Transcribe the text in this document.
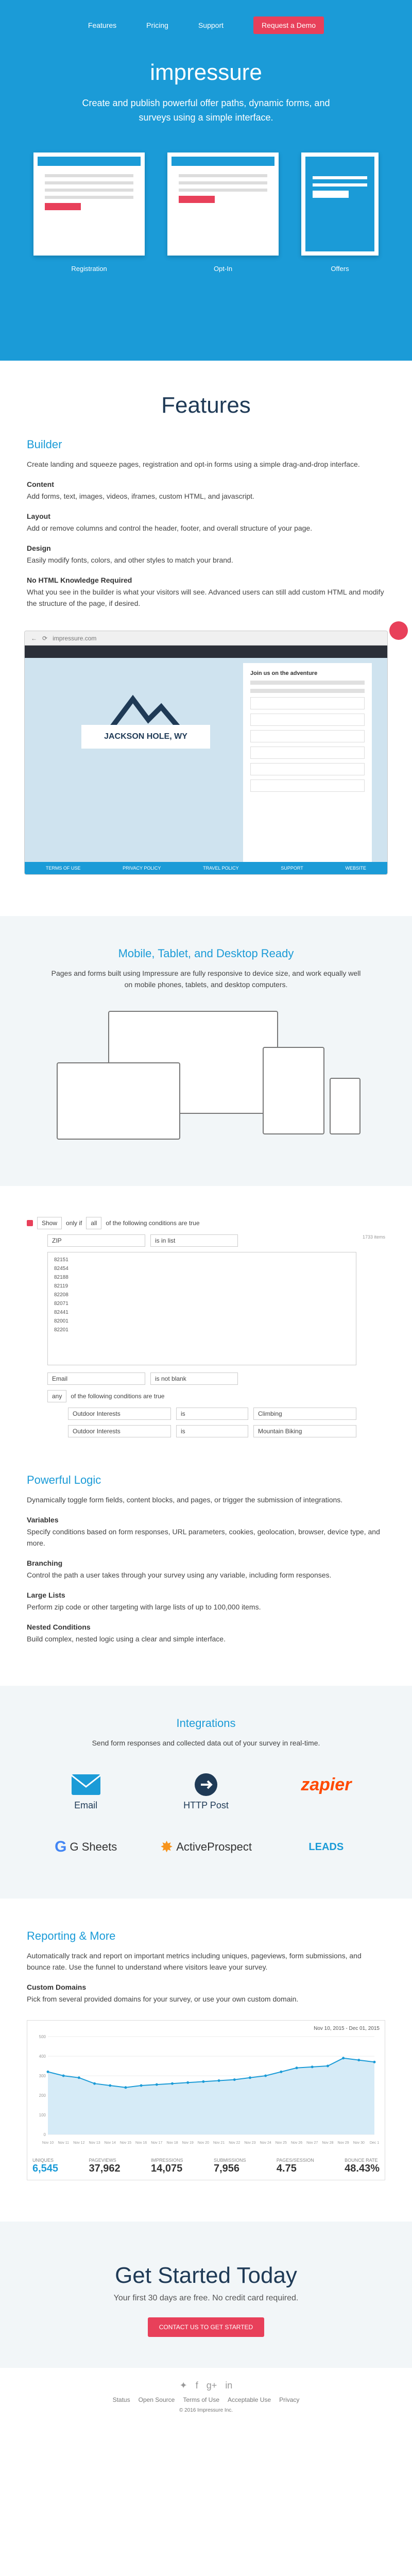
Features	Pricing	Support	Request a Demo
impressure
Create and publish powerful offer paths, dynamic forms, and surveys using a simple interface.
Registration	Opt-In	Offers
Features
Builder
Create landing and squeeze pages, registration and opt-in forms using a simple drag-and-drop interface.
Content

Add forms, text, images, videos, iframes, custom HTML, and javascript.

Layout

Add or remove columns and control the header, footer, and overall structure of your page.

Design

Easily modify fonts, colors, and other styles to match your brand.

No HTML Knowledge Required

What you see in the builder is what your visitors will see. Advanced users can still add custom HTML and modify the structure of the page, if desired.

← ⟳ impressure.com
JACKSON HOLE, WY
Join us on the adventure
TERMS OF USE	PRIVACY POLICY	TRAVEL POLICY	SUPPORT	WEBSITE
Mobile, Tablet, and Desktop Ready
Pages and forms built using Impressure are fully responsive to device size, and work equally well on mobile phones, tablets, and desktop computers.
Show	only if	all	of the following conditions are true
ZIP	is in list	1733 items
82151
82454
82188
82119
82208
82071
82441
82001
82201
Email	is not blank
any	of the following conditions are true
Outdoor Interests	is	Climbing
Outdoor Interests	is	Mountain Biking
Powerful Logic
Dynamically toggle form fields, content blocks, and pages, or trigger the submission of integrations.
Variables

Specify conditions based on form responses, URL parameters, cookies, geolocation, browser, device type, and more.

Branching

Control the path a user takes through your survey using any variable, including form responses.

Large Lists

Perform zip code or other targeting with large lists of up to 100,000 items.

Nested Conditions

Build complex, nested logic using a clear and simple interface.

Integrations
Send form responses and collected data out of your survey in real-time.
Email	HTTP Post
zapier
G
G Sheets	✸
ActiveProspect	LEADS
Reporting & More
Automatically track and report on important metrics including uniques, pageviews, form submissions, and bounce rate. Use the funnel to understand where visitors leave your survey.
Custom Domains

Pick from several provided domains for your survey, or use your own custom domain.

Nov 10, 2015 - Dec 01, 2015
0
100
200
300
400
500
Nov 10 Nov 11 Nov 12 Nov 13 Nov 14 Nov 15 Nov 16 Nov 17 Nov 18 Nov 19 Nov 20 Nov 21 Nov 22 Nov 23 Nov 24 Nov 25 Nov 26 Nov 27 Nov 28 Nov 29 Nov 30 Dec 1
UNIQUES
6,545
PAGEVIEWS
37,962
IMPRESSIONS
14,075
SUBMISSIONS
7,956
PAGES/SESSION
4.75
BOUNCE RATE
48.43%
Get Started Today

Your first 30 days are free. No credit card required.

CONTACT US TO GET STARTED
✦ f g+ in
Status Open Source Terms of Use Acceptable Use Privacy
© 2016 Impressure Inc.
